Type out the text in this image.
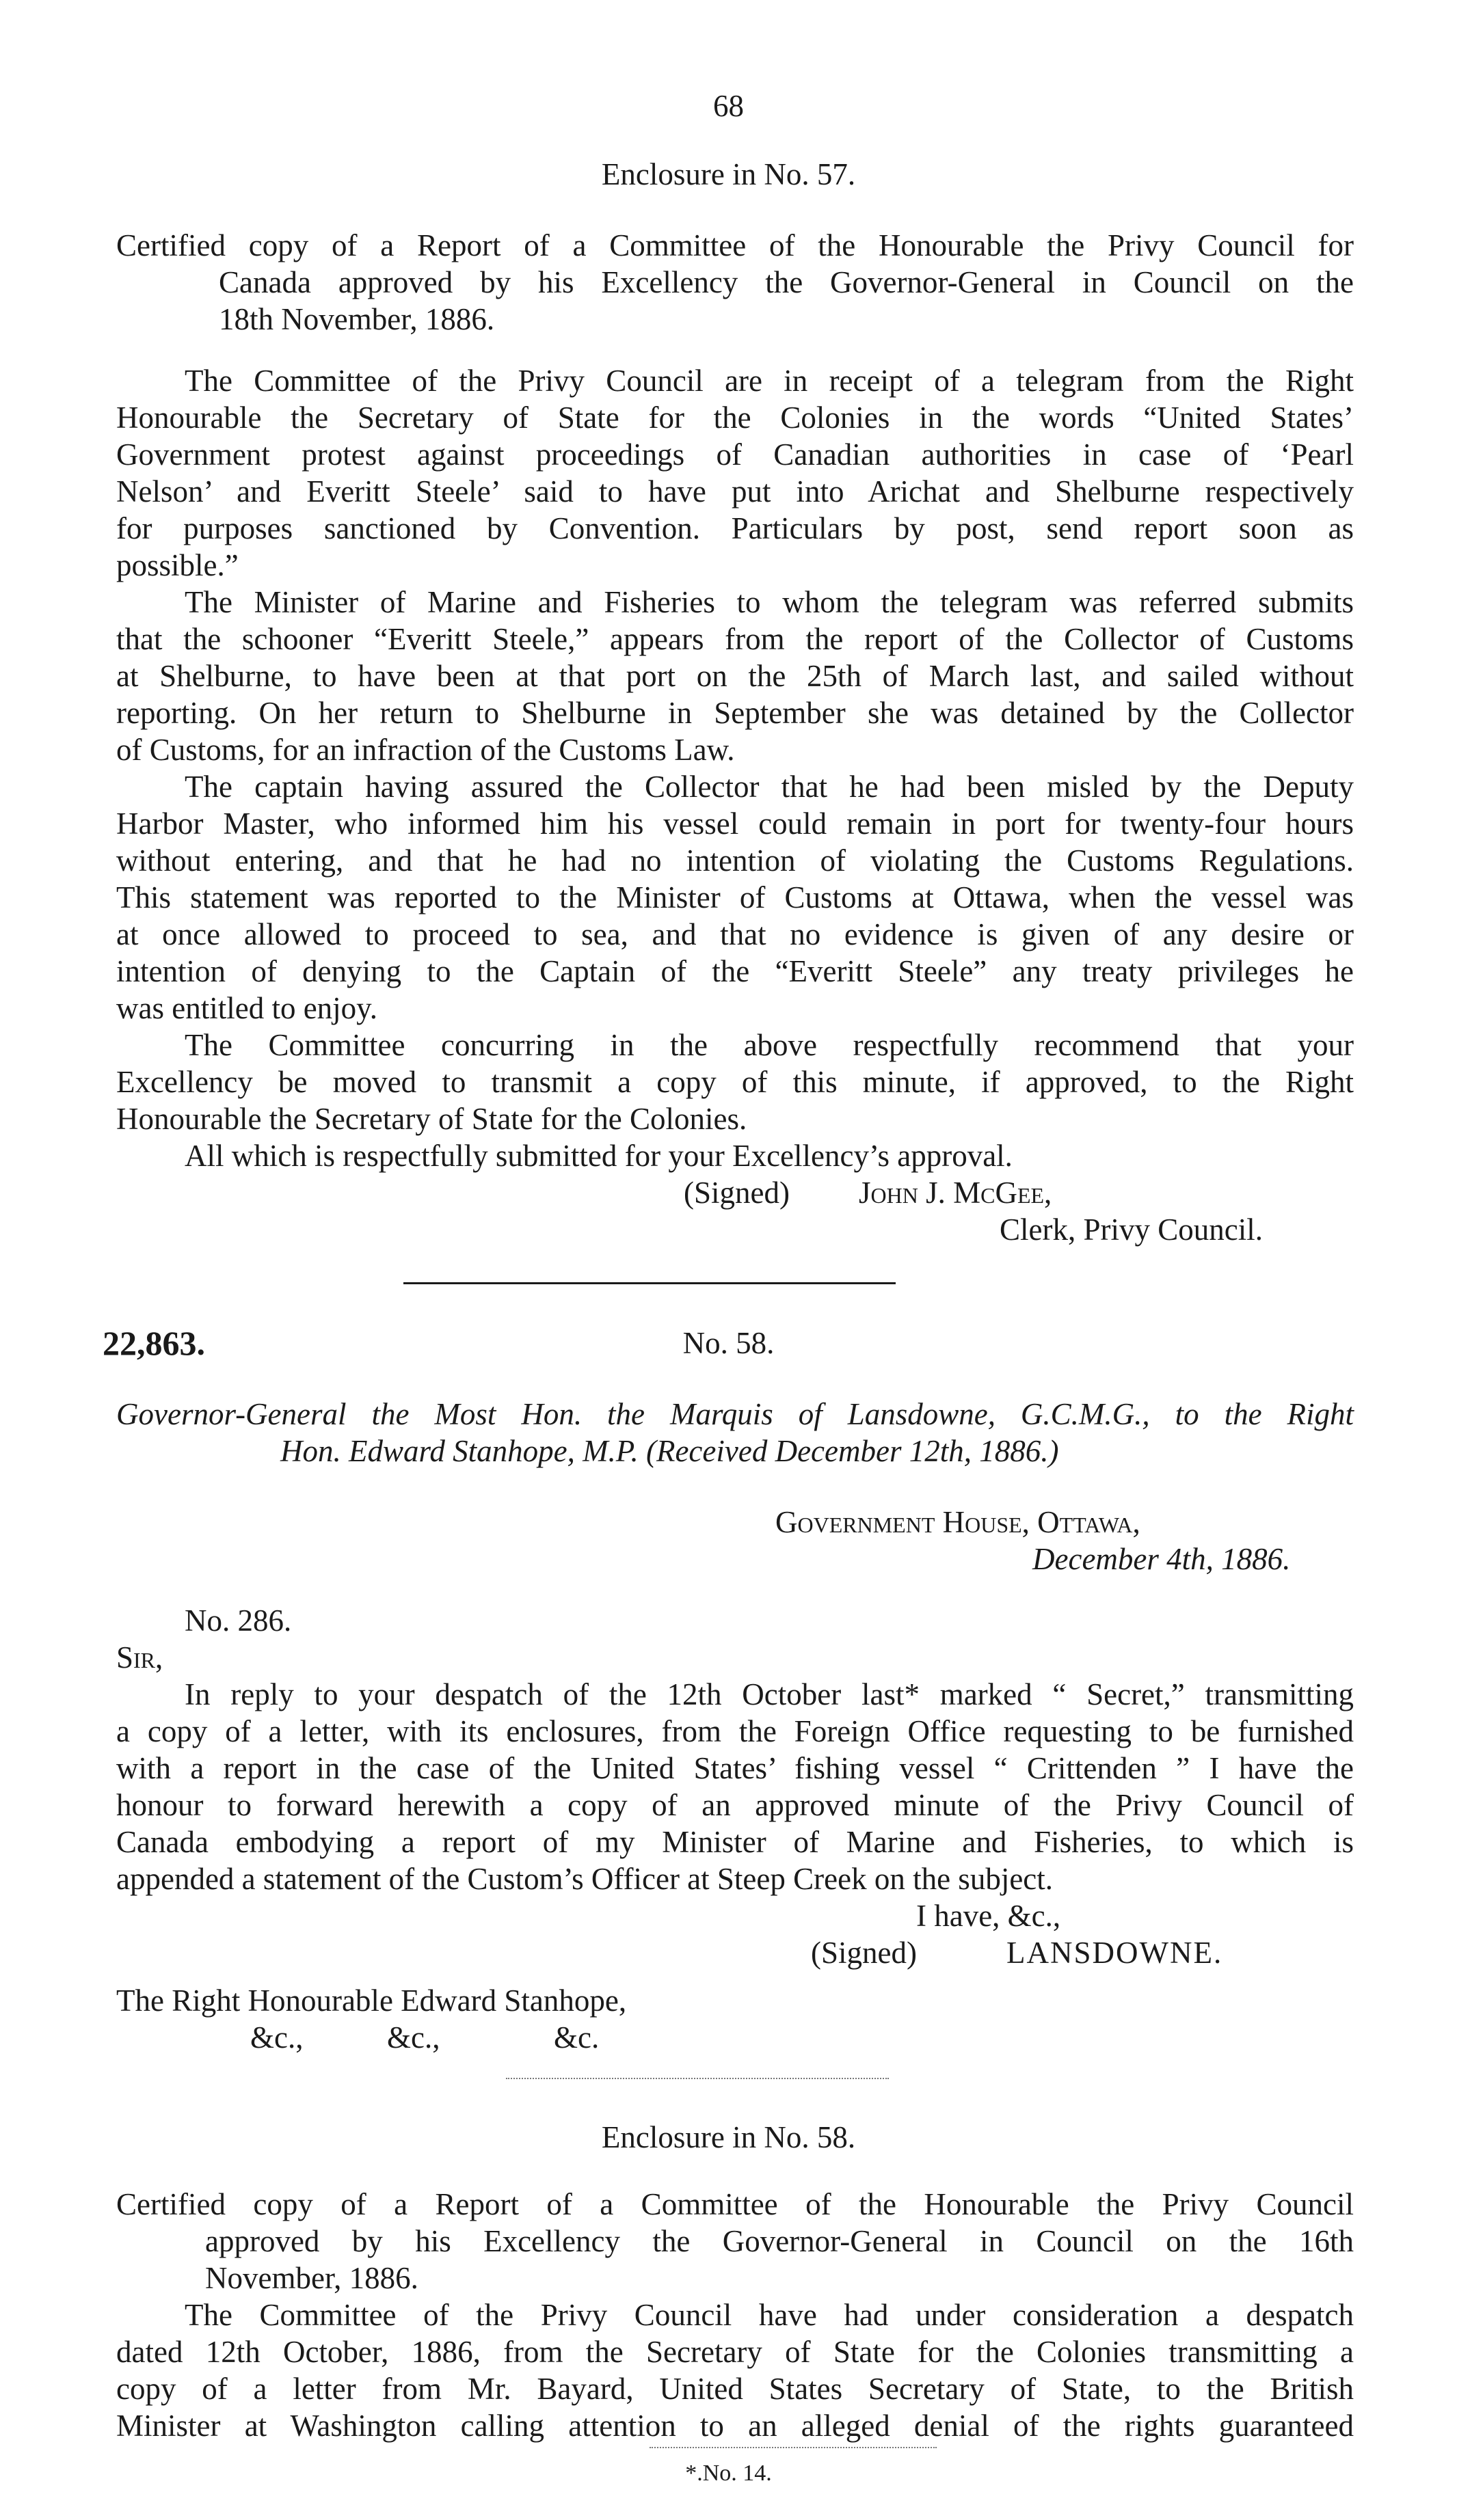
68
Enclosure in No. 57.
Certified copy of a Report of a Committee of the Honourable the Privy Council for
Canada approved by his Excellency the Governor-General in Council on the
18th November, 1886.
The Committee of the Privy Council are in receipt of a telegram from the Right
Honourable the Secretary of State for the Colonies in the words “United States’
Government protest against proceedings of Canadian authorities in case of ‘Pearl
Nelson’ and Everitt Steele’ said to have put into Arichat and Shelburne respectively
for purposes sanctioned by Convention. Particulars by post, send report soon as
possible.”
The Minister of Marine and Fisheries to whom the telegram was referred submits
that the schooner “Everitt Steele,” appears from the report of the Collector of Customs
at Shelburne, to have been at that port on the 25th of March last, and sailed without
reporting. On her return to Shelburne in September she was detained by the Collector
of Customs, for an infraction of the Customs Law.
The captain having assured the Collector that he had been misled by the Deputy
Harbor Master, who informed him his vessel could remain in port for twenty-four hours
without entering, and that he had no intention of violating the Customs Regulations.
This statement was reported to the Minister of Customs at Ottawa, when the vessel was
at once allowed to proceed to sea, and that no evidence is given of any desire or
intention of denying to the Captain of the “Everitt Steele” any treaty privileges he
was entitled to enjoy.
The Committee concurring in the above respectfully recommend that your
Excellency be moved to transmit a copy of this minute, if approved, to the Right
Honourable the Secretary of State for the Colonies.
All which is respectfully submitted for your Excellency’s approval.
(Signed) John J. McGee,
Clerk, Privy Council.
22,863.	No. 58.
Governor-General the Most Hon. the Marquis of Lansdowne, G.C.M.G., to the Right
Hon. Edward Stanhope, M.P. (Received December 12th, 1886.)
Government House, Ottawa,
December 4th, 1886.
No. 286.
Sir,
In reply to your despatch of the 12th October last* marked “ Secret,” transmitting
a copy of a letter, with its enclosures, from the Foreign Office requesting to be furnished
with a report in the case of the United States’ fishing vessel “ Crittenden ” I have the
honour to forward herewith a copy of an approved minute of the Privy Council of
Canada embodying a report of my Minister of Marine and Fisheries, to which is
appended a statement of the Custom’s Officer at Steep Creek on the subject.
I have, &c.,
(Signed)	LANSDOWNE.
The Right Honourable Edward Stanhope,
&c.,	&c.,	&c.
Enclosure in No. 58.
Certified copy of a Report of a Committee of the Honourable the Privy Council
approved by his Excellency the Governor-General in Council on the 16th
November, 1886.
The Committee of the Privy Council have had under consideration a despatch
dated 12th October, 1886, from the Secretary of State for the Colonies transmitting a
copy of a letter from Mr. Bayard, United States Secretary of State, to the British
Minister at Washington calling attention to an alleged denial of the rights guaranteed
*.No. 14.
